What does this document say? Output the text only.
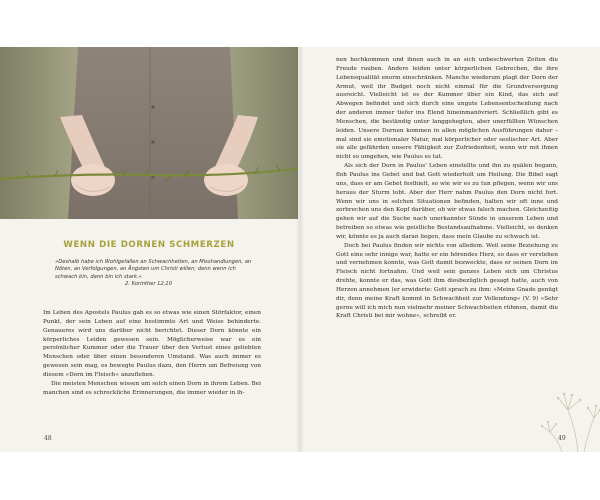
WENN DIE DORNEN SCHMERZEN
»Deshalb habe ich Wohlgefallen an Schwachheiten, an Misshandlungen, an Nöten, an Verfolgungen, an Ängsten um Christi willen; denn wenn ich schwach bin, dann bin ich stark.«
2. Korinther 12,10

Im Leben des Apostels Paulus gab es so etwas wie einen Störfaktor, einen Punkt, der sein Leben auf eine bestimmte Art und Weise behinderte. Genaueres wird uns darüber nicht berichtet. Dieser Dorn könnte ein körperliches Leiden gewesen sein. Möglicherweise war es ein persönlicher Kummer oder die Trauer über den Verlust eines geliebten Menschen oder über einen besonderen Umstand. Was auch immer es gewesen sein mag, es bewegte Paulus dazu, den Herrn um Befreiung von diesem »Dorn im Fleisch« anzuflehen.

Die meisten Menschen wissen um solch einen Dorn in ihrem Leben. Bei manchen sind es schreckliche Erinnerungen, die immer wieder in ih-

48

nen hochkommen und ihnen auch in an sich unbeschwerten Zeiten die Freude rauben. Andere leiden unter körperlichen Gebrechen, die ihre Lebensqualität enorm einschränken. Manche wiederum plagt der Dorn der Armut, weil ihr Budget noch nicht einmal für die Grundversorgung ausreicht. Vielleicht ist es der Kummer über ein Kind, das sich auf Abwegen befindet und sich durch eine ungute Lebensentscheidung nach der anderen immer tiefer ins Elend hineinmanövriert. Schließlich gibt es Menschen, die beständig unter langgehegten, aber unerfüllten Wünschen leiden. Unsere Dornen kommen in allen möglichen Ausführungen daher – mal sind sie emotionaler Natur, mal körperlicher oder seelischer Art. Aber sie alle gefährden unsere Fähigkeit zur Zufriedenheit, wenn wir mit ihnen nicht so umgehen, wie Paulus es tat.

Als sich der Dorn in Paulus' Leben einstellte und ihn zu quälen begann, floh Paulus ins Gebet und bat Gott wiederholt um Heilung. Die Bibel sagt uns, dass er am Gebet festhielt, so wie wir es zu tun pflegen, wenn wir uns heraus der Sturm tobt. Aber der Herr nahm Paulus den Dorn nicht fort. Wenn wir uns in solchen Situationen befinden, halten wir oft inne und zerbrechen uns den Kopf darüber, ob wir etwas falsch machen. Gleichzeitig gehen wir auf die Suche nach unerkannter Sünde in unserem Leben und betreiben so etwas wie geistliche Bestandsaufnahme. Vielleicht, so denken wir, könnte es ja auch daran liegen, dass mein Glaube zu schwach ist.

Doch bei Paulus finden wir nichts von alledem. Weil seine Beziehung zu Gott eine sehr innige war, hatte er ein hörendes Herz, so dass er verstehen und vernehmen konnte, was Gott damit bezweckte, dass er seinen Dorn im Fleisch nicht fortnahm. Und weil sein ganzes Leben sich um Christus drehte, konnte er das, was Gott ihm diesbezüglich gesagt hatte, auch von Herzen annehmen (er erwiderte: Gott sprach zu ihm: »Meine Gnade genügt dir, denn meine Kraft kommt in Schwachheit zur Vollendung« (V. 9) »Sehr gerne will ich mich nun vielmehr meiner Schwachheiten rühmen, damit die Kraft Christi bei mir wohne«, schreibt er.

49
